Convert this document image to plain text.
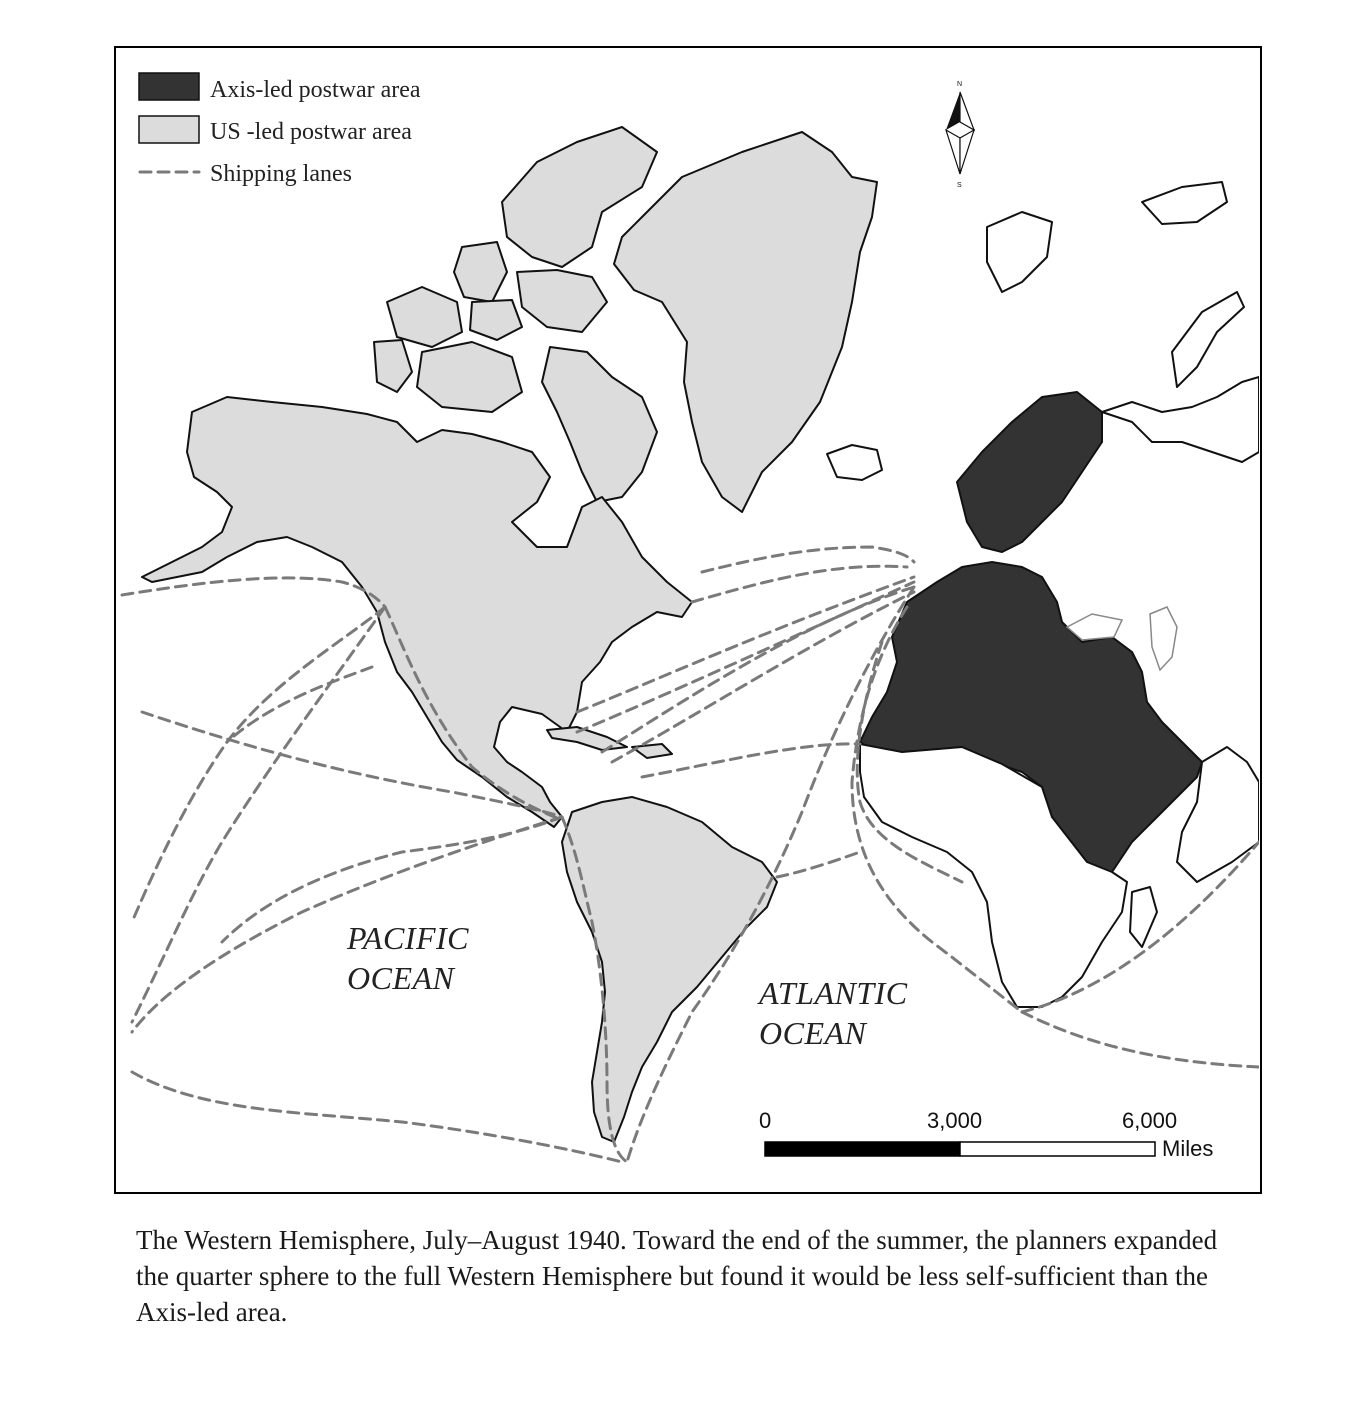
PACIFIC
OCEAN	ATLANTIC
OCEAN
Axis-led postwar area
US -led postwar area
Shipping lanes
N
S
0	3,000	6,000
Miles

The Western Hemisphere, July–August 1940. Toward the end of the summer, the planners expanded the quarter sphere to the full Western Hemisphere but found it would be less self-sufficient than the Axis-led area.
